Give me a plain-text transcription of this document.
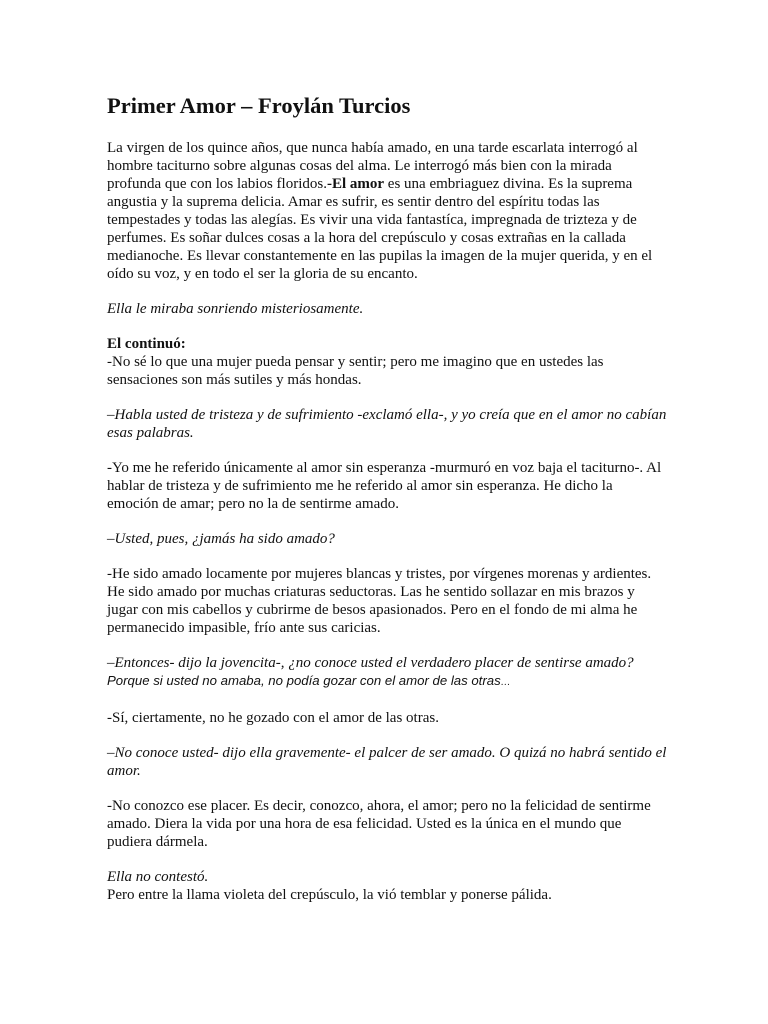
Primer Amor – Froylán Turcios

La virgen de los quince años, que nunca había amado, en una tarde escarlata interrogó al hombre taciturno sobre algunas cosas del alma. Le interrogó más bien con la mirada profunda que con los labios floridos.-El amor es una embriaguez divina. Es la suprema angustia y la suprema delicia. Amar es sufrir, es sentir dentro del espíritu todas las tempestades y todas las alegías. Es vivir una vida fantastíca, impregnada de trizteza y de perfumes. Es soñar dulces cosas a la hora del crepúsculo y cosas extrañas en la callada medianoche. Es llevar constantemente en las pupilas la imagen de la mujer querida, y en el oído su voz, y en todo el ser la gloria de su encanto.

Ella le miraba sonriendo misteriosamente.

El continuó:
-No sé lo que una mujer pueda pensar y sentir; pero me imagino que en ustedes las sensaciones son más sutiles y más hondas.

–Habla usted de tristeza y de sufrimiento -exclamó ella-, y yo creía que en el amor no cabían esas palabras.

-Yo me he referido únicamente al amor sin esperanza -murmuró en voz baja el taciturno-. Al hablar de tristeza y de sufrimiento me he referido al amor sin esperanza. He dicho la emoción de amar; pero no la de sentirme amado.

–Usted, pues, ¿jamás ha sido amado?

-He sido amado locamente por mujeres blancas y tristes, por vírgenes morenas y ardientes. He sido amado por muchas criaturas seductoras. Las he sentido sollazar en mis brazos y jugar con mis cabellos y cubrirme de besos apasionados. Pero en el fondo de mi alma he permanecido impasible, frío ante sus caricias.

–Entonces- dijo la jovencita-, ¿no conoce usted el verdadero placer de sentirse amado?
Porque si usted no amaba, no podía gozar con el amor de las otras…

-Sí, ciertamente, no he gozado con el amor de las otras.

–No conoce usted- dijo ella gravemente- el palcer de ser amado. O quizá no habrá sentido el amor.

-No conozco ese placer. Es decir, conozco, ahora, el amor; pero no la felicidad de sentirme amado. Diera la vida por una hora de esa felicidad. Usted es la única en el mundo que pudiera dármela.

Ella no contestó.
Pero entre la llama violeta del crepúsculo, la vió temblar y ponerse pálida.
